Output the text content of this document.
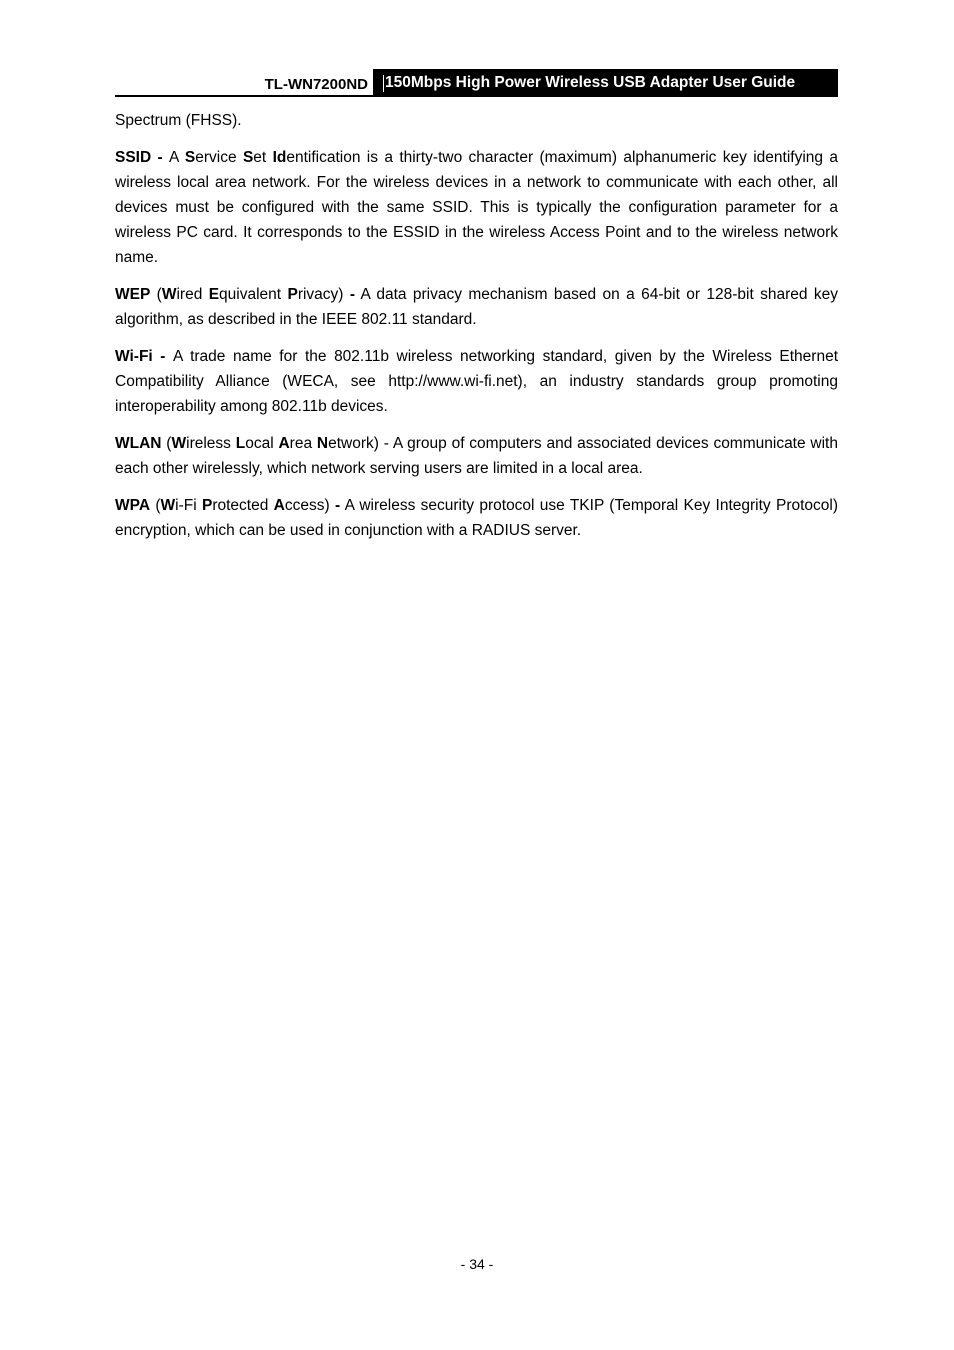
TL-WN7200ND	150Mbps High Power Wireless USB Adapter User Guide

Spectrum (FHSS).

SSID - A Service Set Identification is a thirty-two character (maximum) alphanumeric key identifying a wireless local area network. For the wireless devices in a network to communicate with each other, all devices must be configured with the same SSID. This is typically the configuration parameter for a wireless PC card. It corresponds to the ESSID in the wireless Access Point and to the wireless network name.

WEP (Wired Equivalent Privacy) - A data privacy mechanism based on a 64-bit or 128-bit shared key algorithm, as described in the IEEE 802.11 standard.

Wi-Fi - A trade name for the 802.11b wireless networking standard, given by the Wireless Ethernet Compatibility Alliance (WECA, see http://www.wi-fi.net), an industry standards group promoting interoperability among 802.11b devices.

WLAN (Wireless Local Area Network) - A group of computers and associated devices communicate with each other wirelessly, which network serving users are limited in a local area.

WPA (Wi-Fi Protected Access) - A wireless security protocol use TKIP (Temporal Key Integrity Protocol) encryption, which can be used in conjunction with a RADIUS server.

- 34 -
